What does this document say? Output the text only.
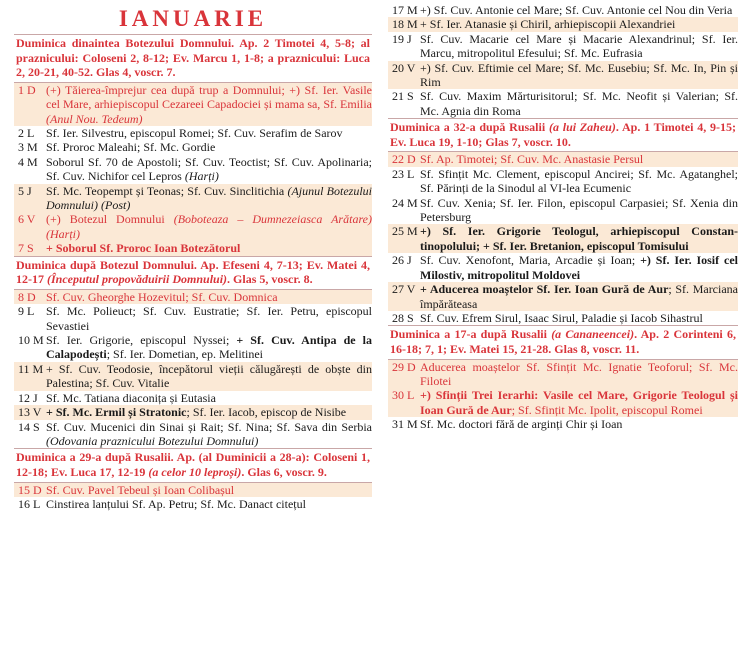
IANUARIE
Duminica dinaintea Botezului Domnului. Ap. 2 Timotei 4, 5-8; al praznicului: Coloseni 2, 8-12; Ev. Marcu 1, 1-8; a praznicului: Luca 2, 20-21, 40-52. Glas 4, voscr. 7.
1 D (+) Tăierea-împrejur cea după trup a Domnului; +) Sf. Ier. Vasile cel Mare, arhiepiscopul Cezareei Capadociei și mama sa, Sf. Emilia (Anul Nou. Tedeum)
2 L Sf. Ier. Silvestru, episcopul Romei; Sf. Cuv. Serafim de Sarov
3 M Sf. Proroc Maleahi; Sf. Mc. Gordie
4 M Soborul Sf. 70 de Apostoli; Sf. Cuv. Teoctist; Sf. Cuv. Apolinaria; Sf. Cuv. Nichifor cel Lepros (Harți)
5 J	Sf. Mc. Teopempt și Teonas; Sf. Cuv. Sinclitichia (Ajunul Botezului Domnului) (Post)
6 V (+) Botezul Domnului (Boboteaza – Dumnezeiasca Arătare) (Harți)
7 S	+ Soborul Sf. Proroc Ioan Botezătorul
Duminica după Botezul Domnului. Ap. Efeseni 4, 7-13; Ev. Matei 4, 12-17 (Începutul propovăduirii Domnului). Glas 5, voscr. 8.
8 D Sf. Cuv. Gheorghe Hozevitul; Sf. Cuv. Domnica
9 L Sf. Mc. Polieuct; Sf. Cuv. Eustratie; Sf. Ier. Petru, episcopul Sevastiei
10 M Sf. Ier. Grigorie, episcopul Nyssei; + Sf. Cuv. Antipa de la Calapodești; Sf. Ier. Dometian, ep. Melitinei
11 M + Sf. Cuv. Teodosie, începătorul vieții călugărești de obște din Palestina; Sf. Cuv. Vitalie
12 J Sf. Mc. Tatiana diaconița și Eutasia
13 V + Sf. Mc. Ermil și Stratonic; Sf. Ier. Iacob, episcop de Nisibe
14 S Sf. Cuv. Mucenici din Sinai și Rait; Sf. Nina; Sf. Sava din Serbia (Odovania praznicului Botezului Domnului)
Duminica a 29-a după Rusalii. Ap. (al Duminicii a 28-a): Coloseni 1, 12-18; Ev. Luca 17, 12-19 (a celor 10 leproși). Glas 6, voscr. 9.
15 D Sf. Cuv. Pavel Tebeul și Ioan Colibașul
16 L Cinstirea lanțului Sf. Ap. Petru; Sf. Mc. Danact citețul
17 M +) Sf. Cuv. Antonie cel Mare; Sf. Cuv. Antonie cel Nou din Veria
18 M + Sf. Ier. Atanasie și Chiril, arhiepiscopii Alexandriei
19 J Sf. Cuv. Macarie cel Mare și Macarie Alexandrinul; Sf. Ier. Marcu, mitropolitul Efesului; Sf. Mc. Eufrasia
20 V +) Sf. Cuv. Eftimie cel Mare; Sf. Mc. Eusebiu; Sf. Mc. In, Pin și Rim
21 S Sf. Cuv. Maxim Mărturisitorul; Sf. Mc. Neofit și Valerian; Sf. Mc. Agnia din Roma
Duminica a 32-a după Rusalii (a lui Zaheu). Ap. 1 Timotei 4, 9-15; Ev. Luca 19, 1-10; Glas 7, voscr. 10.
22 D Sf. Ap. Timotei; Sf. Cuv. Mc. Anastasie Persul
23 L Sf. Sfințit Mc. Clement, episcopul Ancirei; Sf. Mc. Agatanghel; Sf. Părinți de la Sinodul al VI-lea Ecumenic
24 M Sf. Cuv. Xenia; Sf. Ier. Filon, episcopul Carpasiei; Sf. Xenia din Petersburg
25 M +) Sf. Ier. Grigorie Teologul, arhiepiscopul Constantinopolului; + Sf. Ier. Bretanion, episcopul Tomisului
26 J Sf. Cuv. Xenofont, Maria, Arcadie și Ioan; +) Sf. Ier. Iosif cel Milostiv, mitropolitul Moldovei
27 V + Aducerea moaștelor Sf. Ier. Ioan Gură de Aur; Sf. Marciana împărăteasa
28 S Sf. Cuv. Efrem Sirul, Isaac Sirul, Paladie și Iacob Sihastrul
Duminica a 17-a după Rusalii (a Cananeencei). Ap. 2 Corinteni 6, 16-18; 7, 1; Ev. Matei 15, 21-28. Glas 8, voscr. 11.
29 D Aducerea moaștelor Sf. Sfințit Mc. Ignatie Teoforul; Sf. Mc. Filotei
30 L +) Sfinții Trei Ierarhi: Vasile cel Mare, Grigorie Teologul și Ioan Gură de Aur; Sf. Sfințit Mc. Ipolit, episcopul Romei
31 M Sf. Mc. doctori fără de arginți Chir și Ioan
